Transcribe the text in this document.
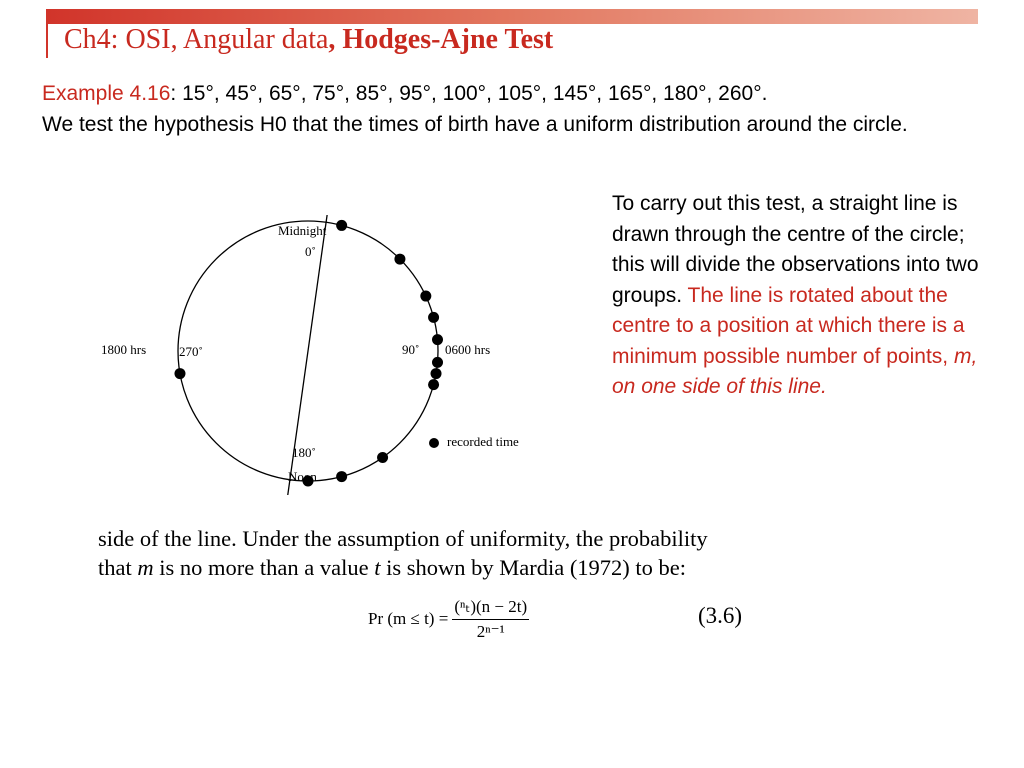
Ch4: OSI, Angular data, Hodges-Ajne Test

Example 4.16: 15°, 45°, 65°, 75°, 85°, 95°, 100°, 105°, 145°, 165°, 180°, 260°.
We test the hypothesis H0 that the times of birth have a uniform distribution around the circle.

To carry out this test, a straight line is drawn through the centre of the circle; this will divide the observations into two groups. The line is rotated about the centre to a position at which there is a minimum possible number of points, m, on one side of this line.

Midnight
0˚
90˚ 0600 hrs
270˚
1800 hrs
180˚
Noon
recorded time

side of the line. Under the assumption of uniformity, the probability
that m is no more than a value t is shown by Mardia (1972) to be:

Pr $(m \le t) = \frac{\text{(ⁿₜ)(n − 2t)}}{\text{2ⁿ⁻¹}}$	(3.6)
